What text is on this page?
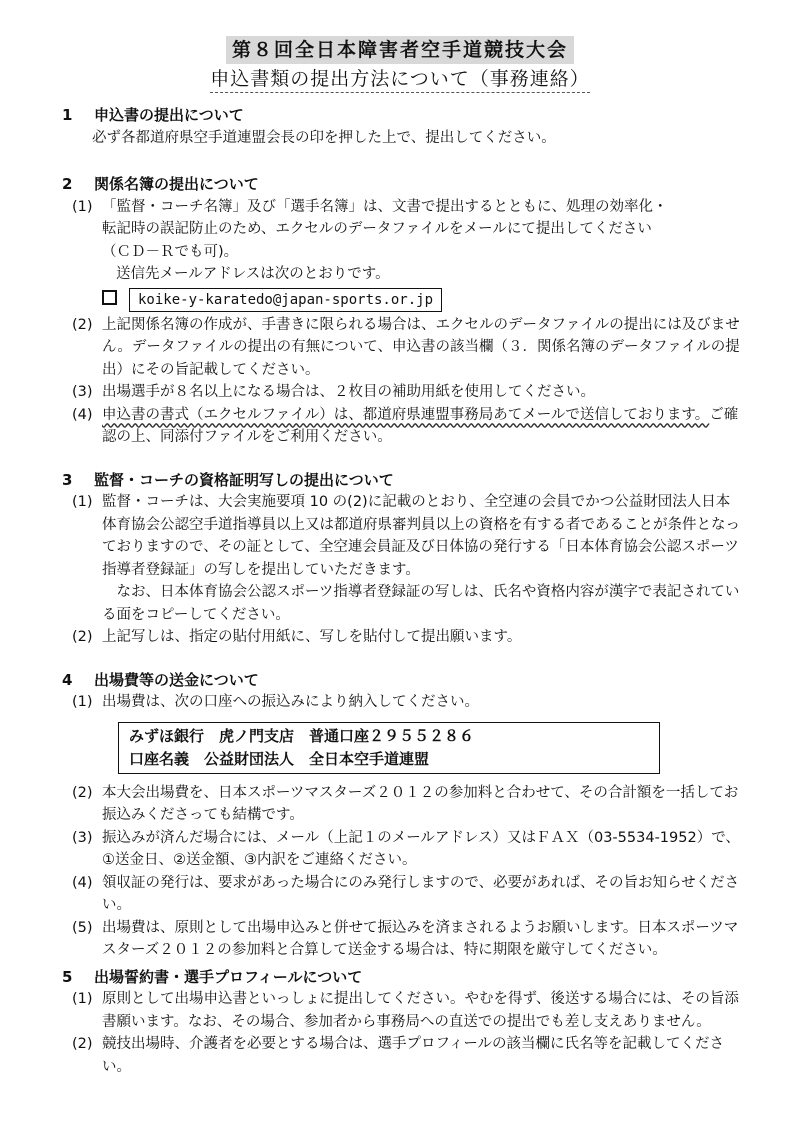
第８回全日本障害者空手道競技大会
申込書類の提出方法について（事務連絡）
1 申込書の提出について
必ず各都道府県空手道連盟会長の印を押した上で、提出してください。
2 関係名簿の提出について
(1) 「監督・コーチ名簿」及び「選手名簿」は、文書で提出するとともに、処理の効率化・
転記時の誤記防止のため、エクセルのデータファイルをメールにて提出してください
（ＣＤ－Ｒでも可)。
送信先メールアドレスは次のとおりです。
koike-y-karatedo@japan-sports.or.jp
(2) 上記関係名簿の作成が、手書きに限られる場合は、エクセルのデータファイルの提出には及びません。データファイルの提出の有無について、申込書の該当欄（３．関係名簿のデータファイルの提出）にその旨記載してください。
(3) 出場選手が８名以上になる場合は、２枚目の補助用紙を使用してください。
(4) 申込書の書式（エクセルファイル）は、都道府県連盟事務局あてメールで送信しております。ご確認の上、同添付ファイルをご利用ください。
3 監督・コーチの資格証明写しの提出について
(1) 監督・コーチは、大会実施要項 10 の(2)に記載のとおり、全空連の会員でかつ公益財団法人日本体育協会公認空手道指導員以上又は都道府県審判員以上の資格を有する者であることが条件となっておりますので、その証として、全空連会員証及び日体協の発行する「日本体育協会公認スポーツ指導者登録証」の写しを提出していただきます。
なお、日本体育協会公認スポーツ指導者登録証の写しは、氏名や資格内容が漢字で表記されている面をコピーしてください。
(2) 上記写しは、指定の貼付用紙に、写しを貼付して提出願います。
4 出場費等の送金について
(1) 出場費は、次の口座への振込みにより納入してください。
みずほ銀行　虎ノ門支店　普通口座２９５５２８６
口座名義　公益財団法人　全日本空手道連盟
(2) 本大会出場費を、日本スポーツマスターズ２０１２の参加料と合わせて、その合計額を一括してお振込みくださっても結構です。
(3) 振込みが済んだ場合には、メール（上記１のメールアドレス）又はＦＡＸ（03-5534-1952）で、①送金日、②送金額、③内訳をご連絡ください。
(4) 領収証の発行は、要求があった場合にのみ発行しますので、必要があれば、その旨お知らせください。
(5) 出場費は、原則として出場申込みと併せて振込みを済まされるようお願いします。日本スポーツマスターズ２０１２の参加料と合算して送金する場合は、特に期限を厳守してください。
5 出場誓約書・選手プロフィールについて
(1) 原則として出場申込書といっしょに提出してください。やむを得ず、後送する場合には、その旨添書願います。なお、その場合、参加者から事務局への直送での提出でも差し支えありません。
(2) 競技出場時、介護者を必要とする場合は、選手プロフィールの該当欄に氏名等を記載してください。
